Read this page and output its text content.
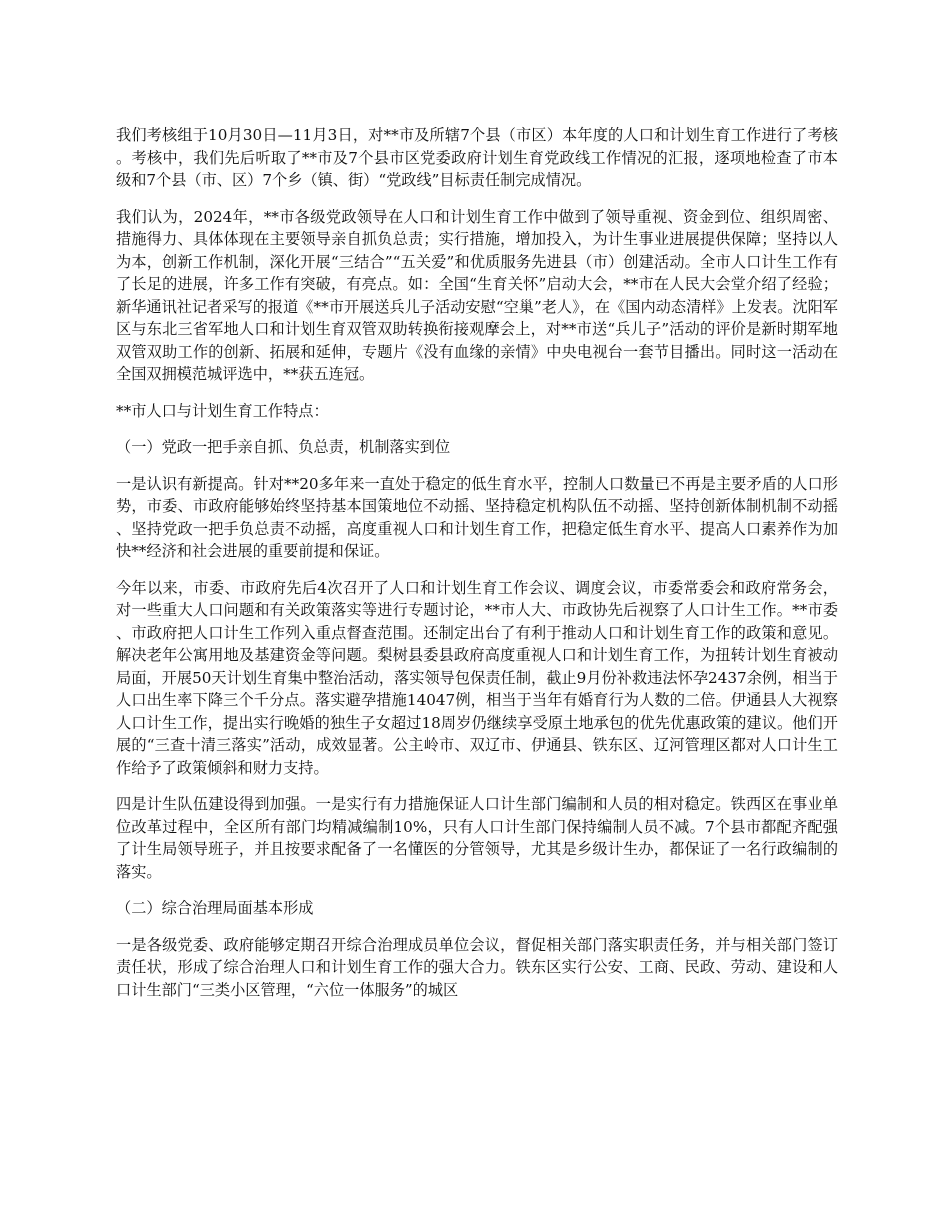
我们考核组于10月30日—11月3日，对**市及所辖7个县（市区）本年度的人口和计划生育工作进行了考核。考核中，我们先后听取了**市及7个县市区党委政府计划生育党政线工作情况的汇报，逐项地检查了市本级和7个县（市、区）7个乡（镇、街）“党政线”目标责任制完成情况。

我们认为，2024年，**市各级党政领导在人口和计划生育工作中做到了领导重视、资金到位、组织周密、措施得力、具体体现在主要领导亲自抓负总责；实行措施，增加投入，为计生事业进展提供保障；坚持以人为本，创新工作机制，深化开展“三结合”“五关爱”和优质服务先进县（市）创建活动。全市人口计生工作有了长足的进展，许多工作有突破，有亮点。如：全国“生育关怀”启动大会，**市在人民大会堂介绍了经验；新华通讯社记者采写的报道《**市开展送兵儿子活动安慰“空巢”老人》，在《国内动态清样》上发表。沈阳军区与东北三省军地人口和计划生育双管双助转换衔接观摩会上，对**市送“兵儿子”活动的评价是新时期军地双管双助工作的创新、拓展和延伸，专题片《没有血缘的亲情》中央电视台一套节目播出。同时这一活动在全国双拥模范城评选中，**获五连冠。

**市人口与计划生育工作特点：

（一）党政一把手亲自抓、负总责，机制落实到位

一是认识有新提高。针对**20多年来一直处于稳定的低生育水平，控制人口数量已不再是主要矛盾的人口形势，市委、市政府能够始终坚持基本国策地位不动摇、坚持稳定机构队伍不动摇、坚持创新体制机制不动摇、坚持党政一把手负总责不动摇，高度重视人口和计划生育工作，把稳定低生育水平、提高人口素养作为加快**经济和社会进展的重要前提和保证。

今年以来，市委、市政府先后4次召开了人口和计划生育工作会议、调度会议，市委常委会和政府常务会，对一些重大人口问题和有关政策落实等进行专题讨论，**市人大、市政协先后视察了人口计生工作。**市委、市政府把人口计生工作列入重点督查范围。还制定出台了有利于推动人口和计划生育工作的政策和意见。解决老年公寓用地及基建资金等问题。梨树县委县政府高度重视人口和计划生育工作，为扭转计划生育被动局面，开展50天计划生育集中整治活动，落实领导包保责任制，截止9月份补救违法怀孕2437余例，相当于人口出生率下降三个千分点。落实避孕措施14047例，相当于当年有婚育行为人数的二倍。伊通县人大视察人口计生工作，提出实行晚婚的独生子女超过18周岁仍继续享受原土地承包的优先优惠政策的建议。他们开展的“三查十清三落实”活动，成效显著。公主岭市、双辽市、伊通县、铁东区、辽河管理区都对人口计生工作给予了政策倾斜和财力支持。

四是计生队伍建设得到加强。一是实行有力措施保证人口计生部门编制和人员的相对稳定。铁西区在事业单位改革过程中，全区所有部门均精减编制10%，只有人口计生部门保持编制人员不减。7个县市都配齐配强了计生局领导班子，并且按要求配备了一名懂医的分管领导，尤其是乡级计生办，都保证了一名行政编制的落实。

（二）综合治理局面基本形成

一是各级党委、政府能够定期召开综合治理成员单位会议，督促相关部门落实职责任务，并与相关部门签订责任状，形成了综合治理人口和计划生育工作的强大合力。铁东区实行公安、工商、民政、劳动、建设和人口计生部门“三类小区管理，“六位一体服务”的城区
